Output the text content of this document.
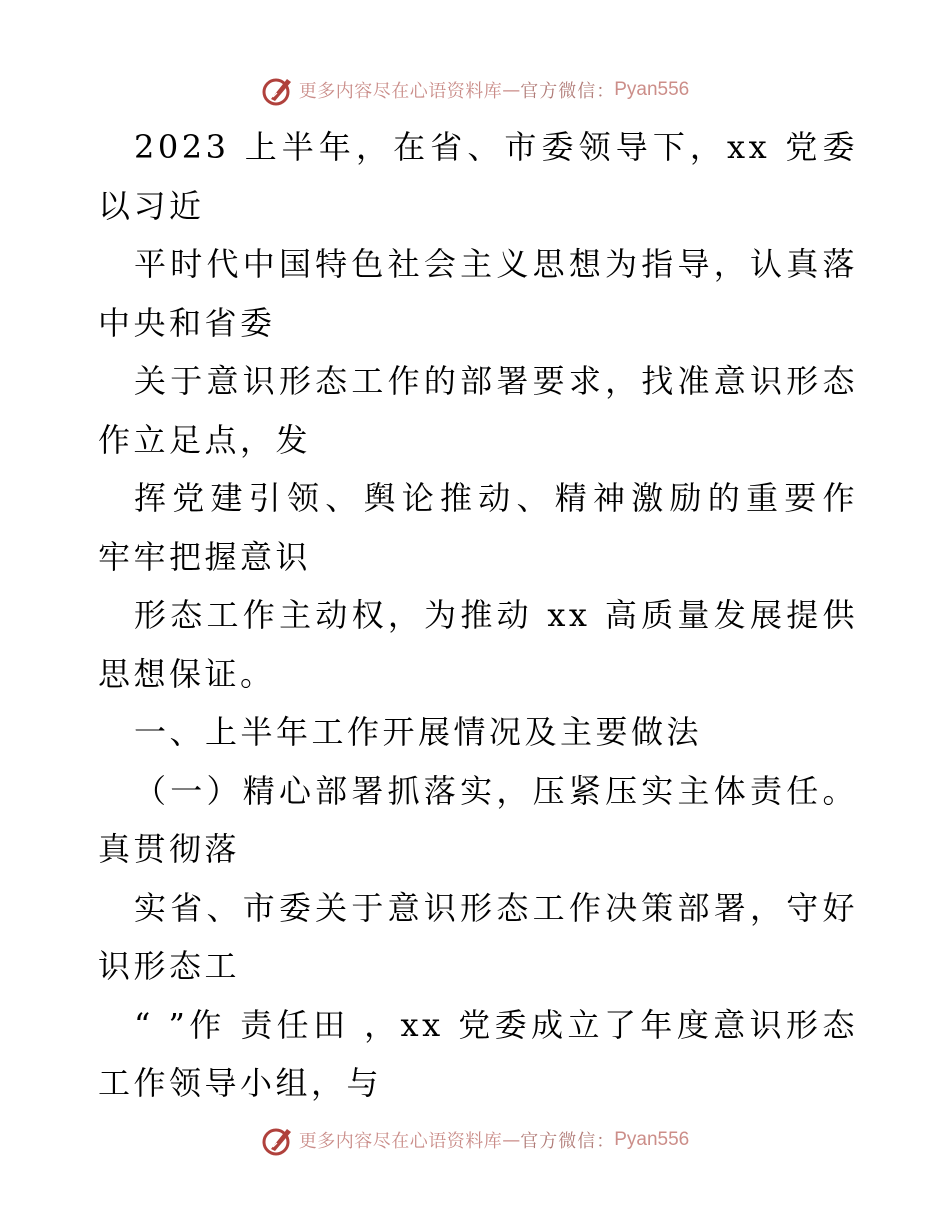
更多内容尽在心语资料库 — 官方微信 ： Pyan556
2023 上半年，在省、市委领导下，xx 党委
以习近
平时代中国特色社会主义思想为指导，认真落
中央和省委
关于意识形态工作的部署要求，找准意识形态
作立足点，发
挥党建引领、舆论推动、精神激励的重要作
牢牢把握意识
形态工作主动权，为推动 xx 高质量发展提供
思想保证。
一、上半年工作开展情况及主要做法
（一）精心部署抓落实，压紧压实主体责任。
真贯彻落
实省、市委关于意识形态工作决策部署，守好
识形态工
“ ”作 责任田 ，xx 党委成立了年度意识形态
工作领导小组，与
更多内容尽在心语资料库 — 官方微信 ： Pyan556
